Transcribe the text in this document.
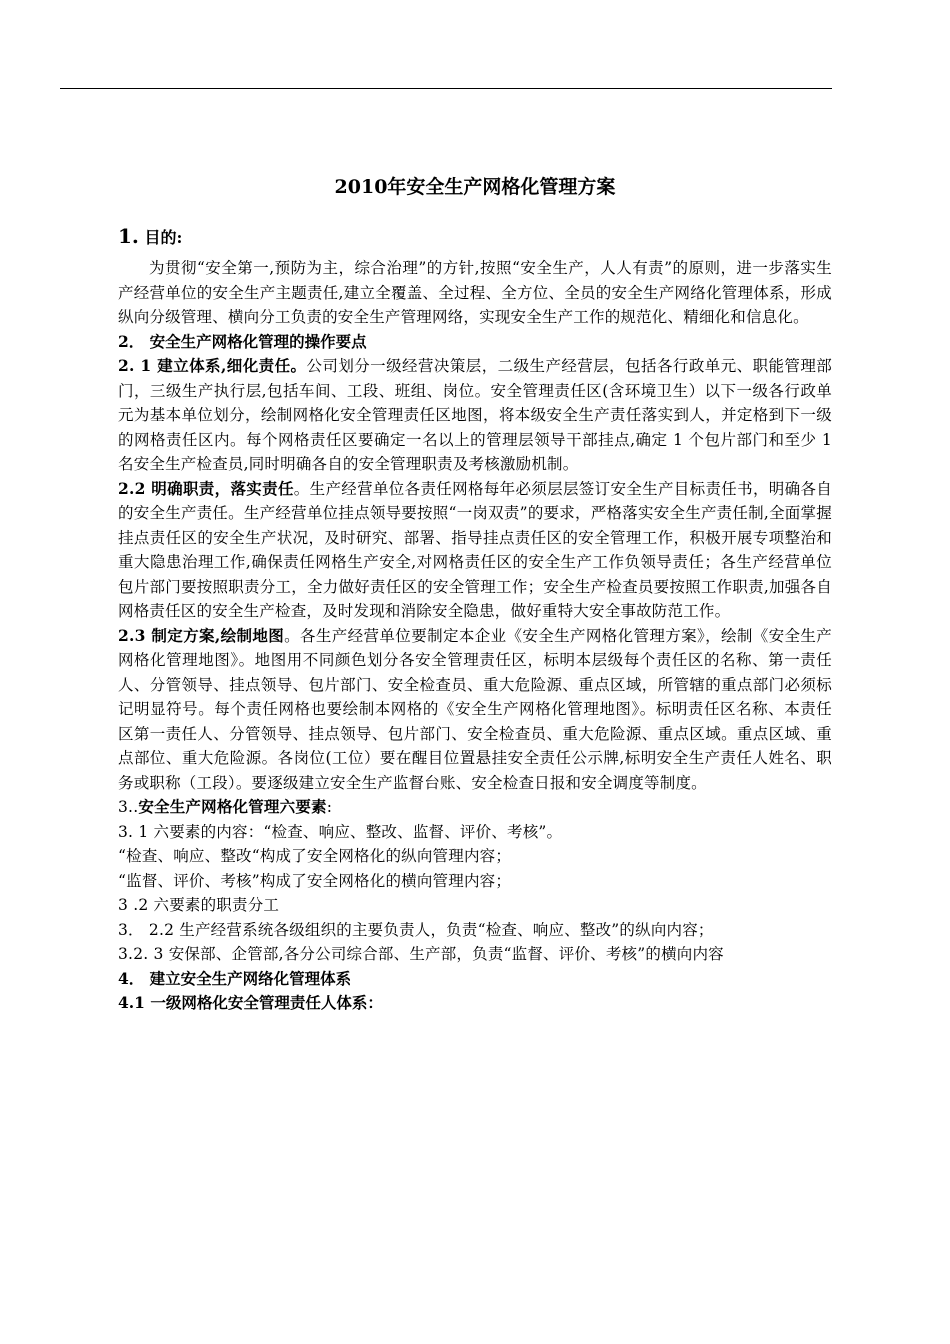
2010年安全生产网格化管理方案

1. 目的:

为贯彻“安全第一,预防为主，综合治理”的方针,按照“安全生产，人人有责”的原则，进一步落实生产经营单位的安全生产主题责任,建立全覆盖、全过程、全方位、全员的安全生产网络化管理体系，形成纵向分级管理、横向分工负责的安全生产管理网络，实现安全生产工作的规范化、精细化和信息化。

2． 安全生产网格化管理的操作要点

2. 1 建立体系,细化责任。公司划分一级经营决策层，二级生产经营层，包括各行政单元、职能管理部门，三级生产执行层,包括车间、工段、班组、岗位。安全管理责任区(含环境卫生）以下一级各行政单元为基本单位划分，绘制网格化安全管理责任区地图，将本级安全生产责任落实到人，并定格到下一级的网格责任区内。每个网格责任区要确定一名以上的管理层领导干部挂点,确定 1 个包片部门和至少 1 名安全生产检查员,同时明确各自的安全管理职责及考核激励机制。

2.2 明确职责，落实责任。生产经营单位各责任网格每年必须层层签订安全生产目标责任书，明确各自的安全生产责任。生产经营单位挂点领导要按照“一岗双责”的要求，严格落实安全生产责任制,全面掌握挂点责任区的安全生产状况，及时研究、部署、指导挂点责任区的安全管理工作，积极开展专项整治和重大隐患治理工作,确保责任网格生产安全,对网格责任区的安全生产工作负领导责任；各生产经营单位包片部门要按照职责分工，全力做好责任区的安全管理工作；安全生产检查员要按照工作职责,加强各自网格责任区的安全生产检查，及时发现和消除安全隐患，做好重特大安全事故防范工作。

2.3 制定方案,绘制地图。各生产经营单位要制定本企业《安全生产网格化管理方案》，绘制《安全生产网格化管理地图》。地图用不同颜色划分各安全管理责任区，标明本层级每个责任区的名称、第一责任人、分管领导、挂点领导、包片部门、安全检查员、重大危险源、重点区域，所管辖的重点部门必须标记明显符号。每个责任网格也要绘制本网格的《安全生产网格化管理地图》。标明责任区名称、本责任区第一责任人、分管领导、挂点领导、包片部门、安全检查员、重大危险源、重点区域。重点区域、重点部位、重大危险源。各岗位(工位）要在醒目位置悬挂安全责任公示牌,标明安全生产责任人姓名、职务或职称（工段）。要逐级建立安全生产监督台账、安全检查日报和安全调度等制度。

3..安全生产网格化管理六要素:

3. 1 六要素的内容：“检查、响应、整改、监督、评价、考核”。

“检查、响应、整改“构成了安全网格化的纵向管理内容；

“监督、评价、考核”构成了安全网格化的横向管理内容；

3 .2 六要素的职责分工

3． 2.2 生产经营系统各级组织的主要负责人，负责“检查、响应、整改”的纵向内容；

3.2. 3 安保部、企管部,各分公司综合部、生产部，负责“监督、评价、考核”的横向内容

4． 建立安全生产网络化管理体系

4.1 一级网格化安全管理责任人体系：
